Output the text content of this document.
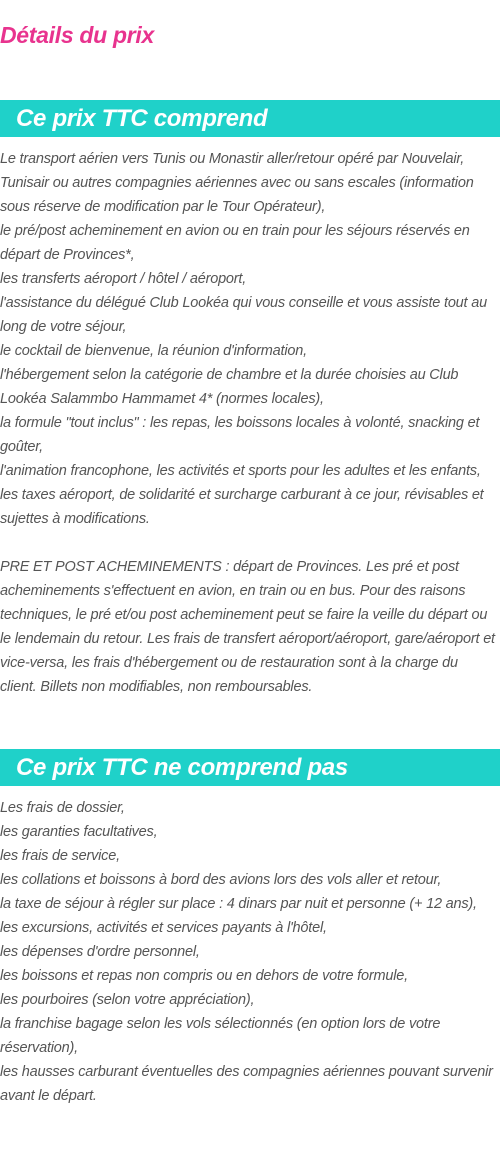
Détails du prix
Ce prix TTC comprend

Le transport aérien vers Tunis ou Monastir aller/retour opéré par Nouvelair, Tunisair ou autres compagnies aériennes avec ou sans escales (information sous réserve de modification par le Tour Opérateur),

le pré/post acheminement en avion ou en train pour les séjours réservés en départ de Provinces*,

les transferts aéroport / hôtel / aéroport,

l'assistance du délégué Club Lookéa qui vous conseille et vous assiste tout au long de votre séjour,

le cocktail de bienvenue, la réunion d'information,

l'hébergement selon la catégorie de chambre et la durée choisies au Club Lookéa Salammbo Hammamet 4* (normes locales),

la formule "tout inclus" : les repas, les boissons locales à volonté, snacking et goûter,

l'animation francophone, les activités et sports pour les adultes et les enfants,

les taxes aéroport, de solidarité et surcharge carburant à ce jour, révisables et sujettes à modifications.

PRE ET POST ACHEMINEMENTS : départ de Provinces. Les pré et post acheminements s'effectuent en avion, en train ou en bus. Pour des raisons techniques, le pré et/ou post acheminement peut se faire la veille du départ ou le lendemain du retour. Les frais de transfert aéroport/aéroport, gare/aéroport et vice-versa, les frais d'hébergement ou de restauration sont à la charge du client. Billets non modifiables, non remboursables.

Ce prix TTC ne comprend pas

Les frais de dossier,

les garanties facultatives,

les frais de service,

les collations et boissons à bord des avions lors des vols aller et retour,

la taxe de séjour à régler sur place : 4 dinars par nuit et personne (+ 12 ans),

les excursions, activités et services payants à l'hôtel,

les dépenses d'ordre personnel,

les boissons et repas non compris ou en dehors de votre formule,

les pourboires (selon votre appréciation),

la franchise bagage selon les vols sélectionnés (en option lors de votre réservation),

les hausses carburant éventuelles des compagnies aériennes pouvant survenir avant le départ.
